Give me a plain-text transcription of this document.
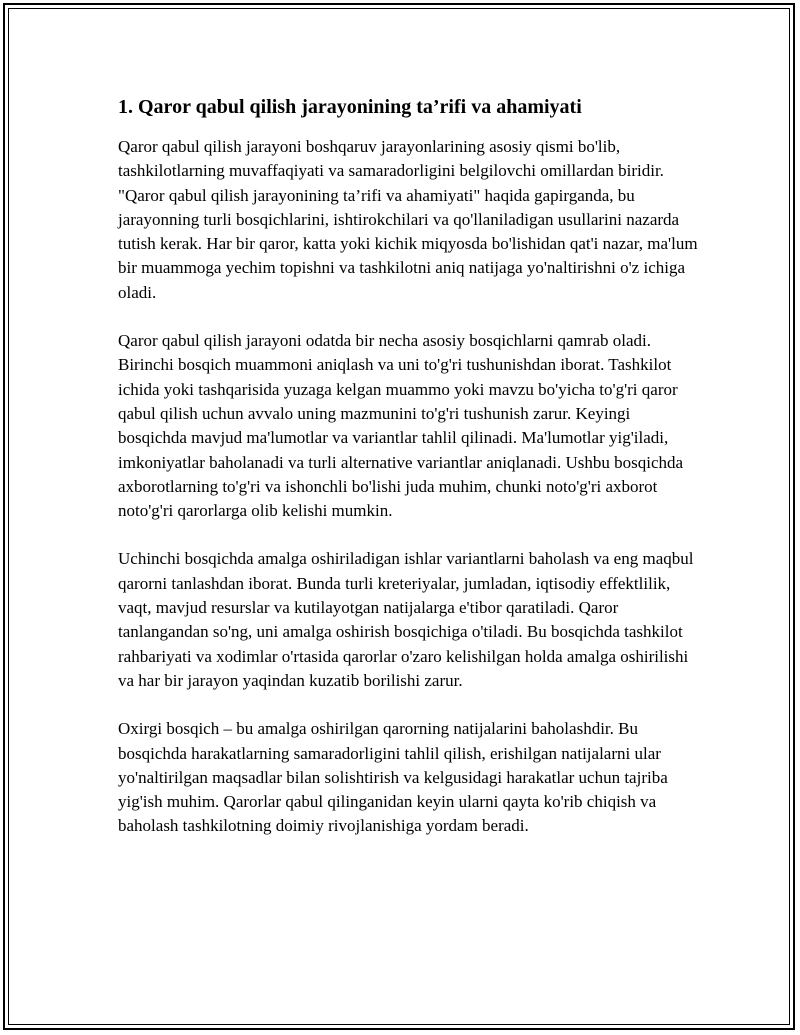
1. Qaror qabul qilish jarayonining ta’rifi va ahamiyati

Qaror qabul qilish jarayoni boshqaruv jarayonlarining asosiy qismi bo'lib, tashkilotlarning muvaffaqiyati va samaradorligini belgilovchi omillardan biridir. "Qaror qabul qilish jarayonining ta’rifi va ahamiyati" haqida gapirganda, bu jarayonning turli bosqichlarini, ishtirokchilari va qo'llaniladigan usullarini nazarda tutish kerak. Har bir qaror, katta yoki kichik miqyosda bo'lishidan qat'i nazar, ma'lum bir muammoga yechim topishni va tashkilotni aniq natijaga yo'naltirishni o'z ichiga oladi.

Qaror qabul qilish jarayoni odatda bir necha asosiy bosqichlarni qamrab oladi. Birinchi bosqich muammoni aniqlash va uni to'g'ri tushunishdan iborat. Tashkilot ichida yoki tashqarisida yuzaga kelgan muammo yoki mavzu bo'yicha to'g'ri qaror qabul qilish uchun avvalo uning mazmunini to'g'ri tushunish zarur. Keyingi bosqichda mavjud ma'lumotlar va variantlar tahlil qilinadi. Ma'lumotlar yig'iladi, imkoniyatlar baholanadi va turli alternative variantlar aniqlanadi. Ushbu bosqichda axborotlarning to'g'ri va ishonchli bo'lishi juda muhim, chunki noto'g'ri axborot noto'g'ri qarorlarga olib kelishi mumkin.

Uchinchi bosqichda amalga oshiriladigan ishlar variantlarni baholash va eng maqbul qarorni tanlashdan iborat. Bunda turli kreteriyalar, jumladan, iqtisodiy effektlilik, vaqt, mavjud resurslar va kutilayotgan natijalarga e'tibor qaratiladi. Qaror tanlangandan so'ng, uni amalga oshirish bosqichiga o'tiladi. Bu bosqichda tashkilot rahbariyati va xodimlar o'rtasida qarorlar o'zaro kelishilgan holda amalga oshirilishi va har bir jarayon yaqindan kuzatib borilishi zarur.

Oxirgi bosqich – bu amalga oshirilgan qarorning natijalarini baholashdir. Bu bosqichda harakatlarning samaradorligini tahlil qilish, erishilgan natijalarni ular yo'naltirilgan maqsadlar bilan solishtirish va kelgusidagi harakatlar uchun tajriba yig'ish muhim. Qarorlar qabul qilinganidan keyin ularni qayta ko'rib chiqish va baholash tashkilotning doimiy rivojlanishiga yordam beradi.
